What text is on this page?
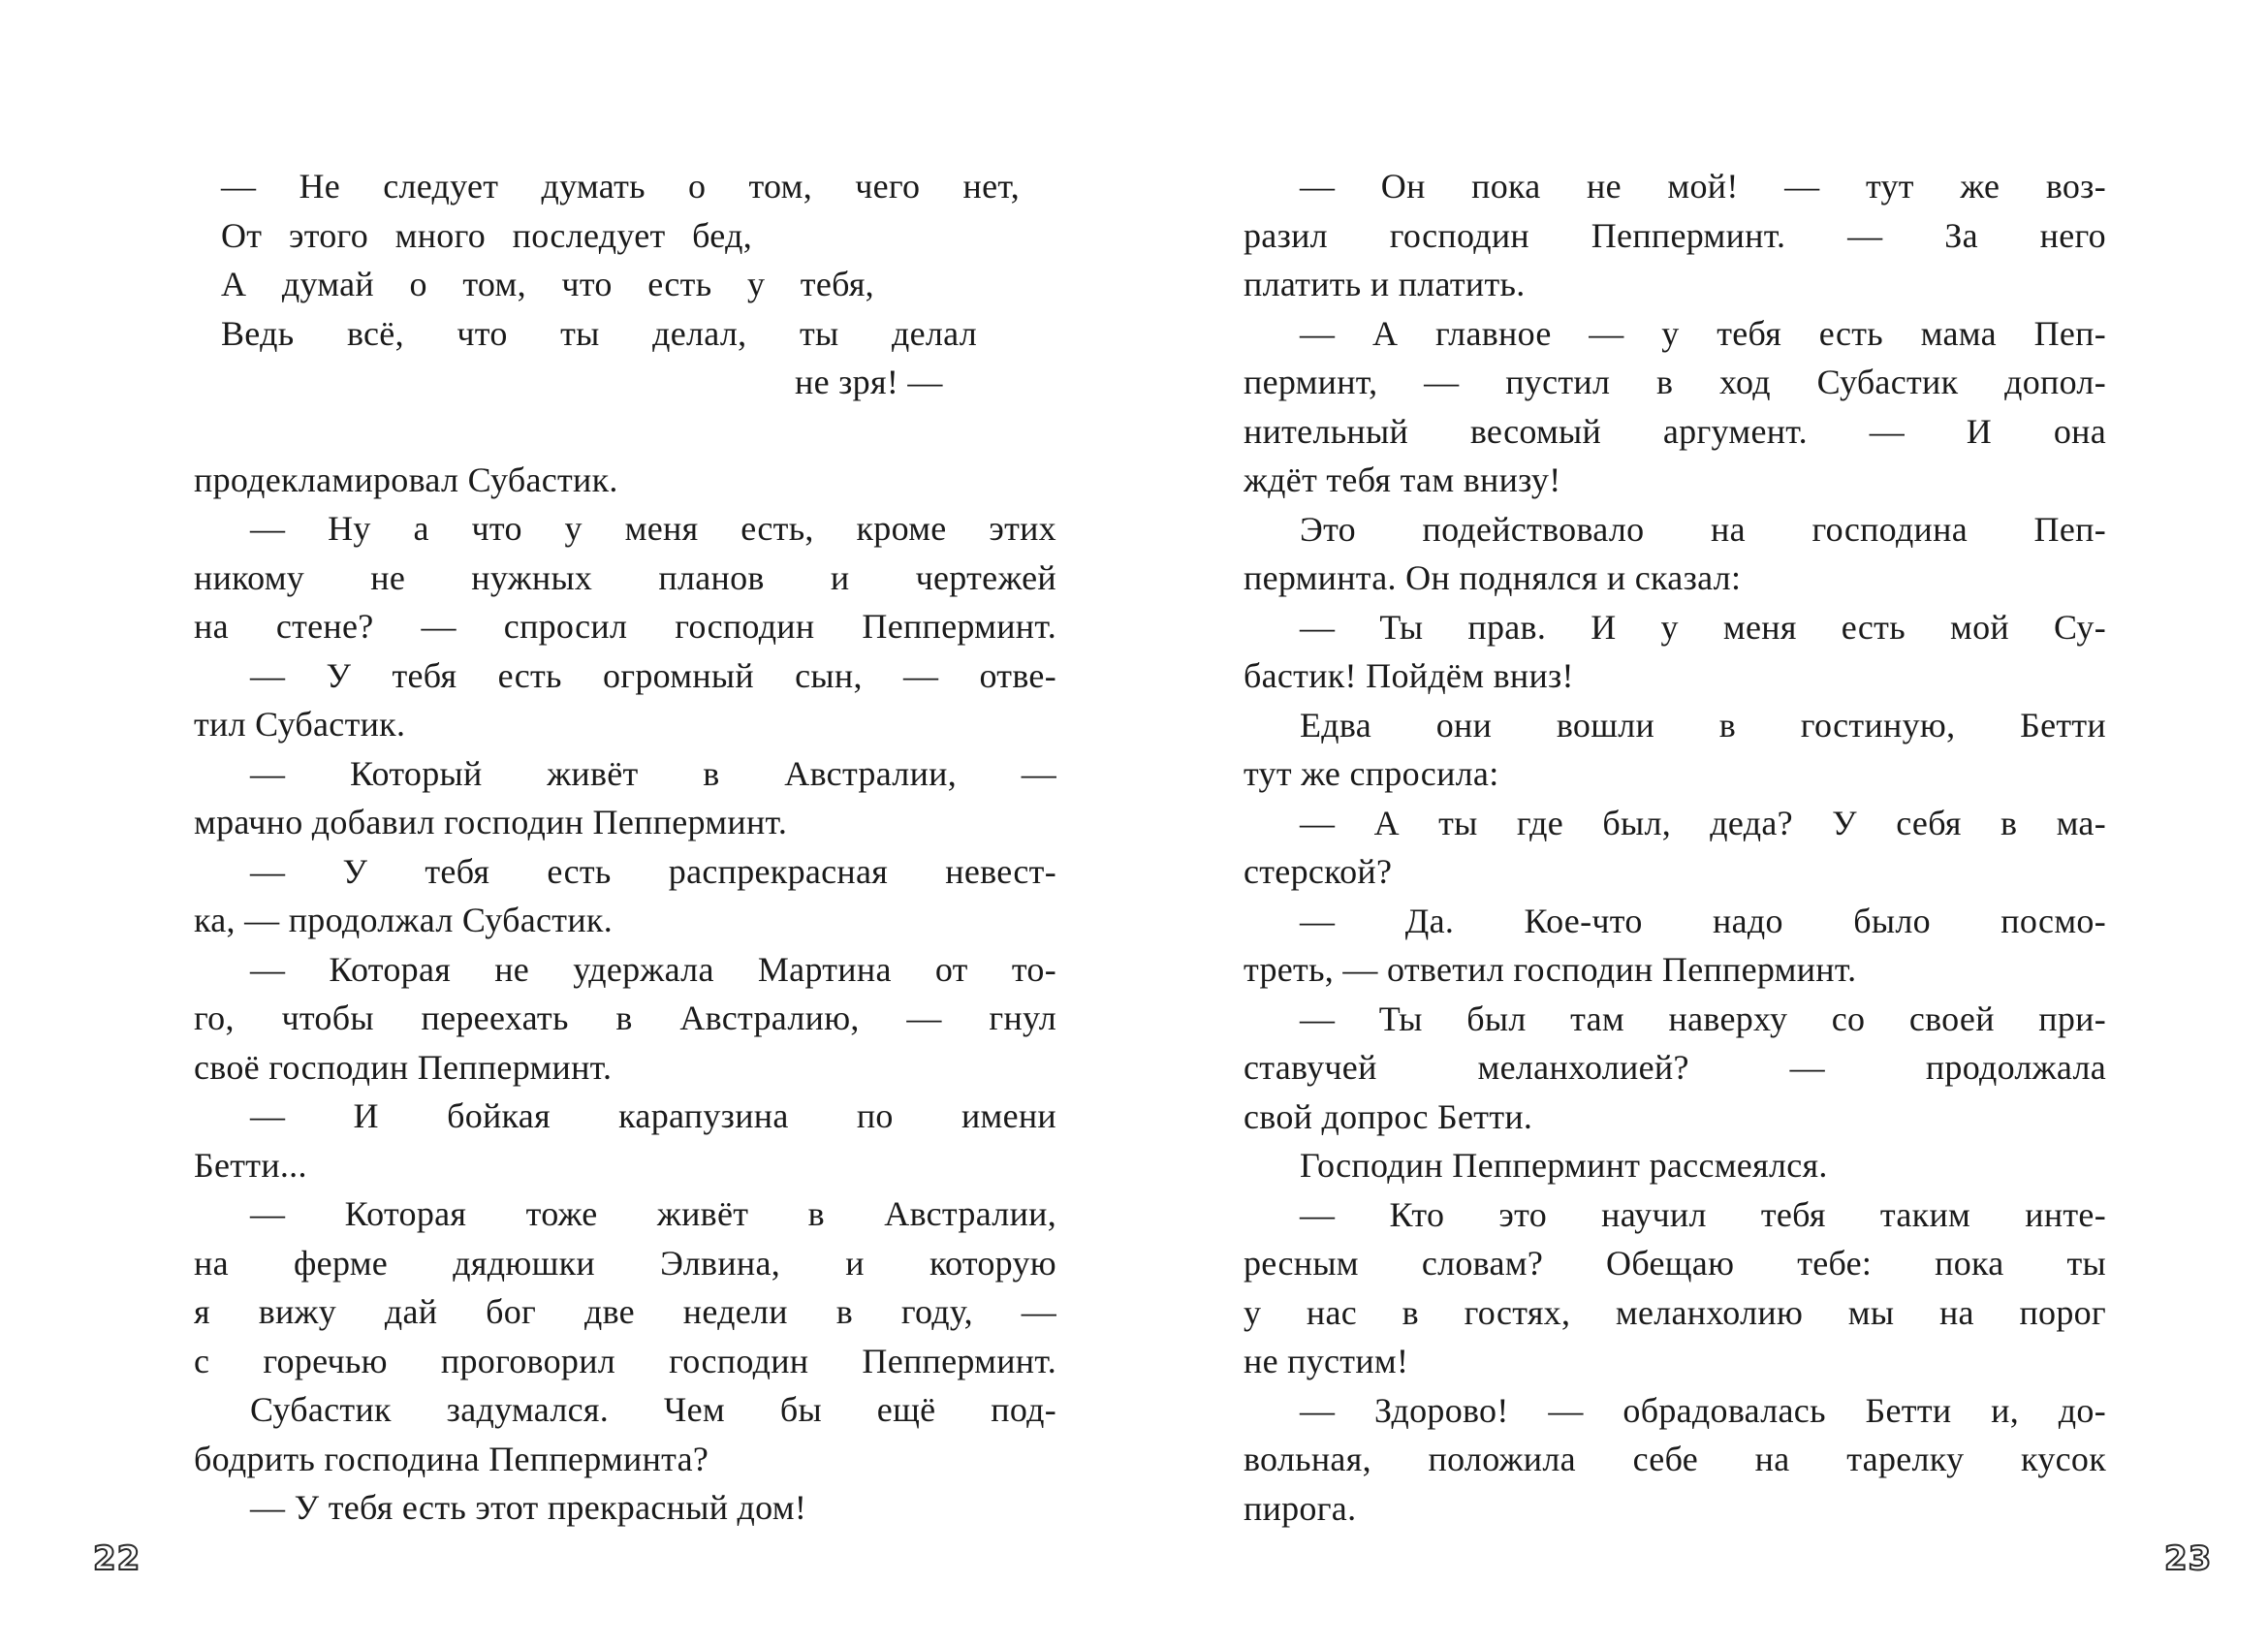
— Не следует думать о том, чего нет,
От этого много последует бед,
А думай о том, что есть у тебя,
Ведь всё, что ты делал, ты делал
не зря! —
продекламировал Субастик.
— Ну а что у меня есть, кроме этих
никому не нужных планов и чертежей
на стене? — спросил господин Пепперминт.
— У тебя есть огромный сын, — отве-
тил Субастик.
— Который живёт в Австралии, —
мрачно добавил господин Пепперминт.
— У тебя есть распрекрасная невест-
ка, — продолжал Субастик.
— Которая не удержала Мартина от то-
го, чтобы переехать в Австралию, — гнул
своё господин Пепперминт.
— И бойкая карапузина по имени
Бетти...
— Которая тоже живёт в Австралии,
на ферме дядюшки Элвина, и которую
я вижу дай бог две недели в году, —
с горечью проговорил господин Пепперминт.
Субастик задумался. Чем бы ещё под-
бодрить господина Пепперминта?
— У тебя есть этот прекрасный дом!
22
— Он пока не мой! — тут же воз-
разил господин Пепперминт. — За него
платить и платить.
— А главное — у тебя есть мама Пеп-
перминт, — пустил в ход Субастик допол-
нительный весомый аргумент. — И она
ждёт тебя там внизу!
Это подействовало на господина Пеп-
перминта. Он поднялся и сказал:
— Ты прав. И у меня есть мой Су-
бастик! Пойдём вниз!
Едва они вошли в гостиную, Бетти
тут же спросила:
— А ты где был, деда? У себя в ма-
стерской?
— Да. Кое-что надо было посмо-
треть, — ответил господин Пепперминт.
— Ты был там наверху со своей при-
ставучей меланхолией? — продолжала
свой допрос Бетти.
Господин Пепперминт рассмеялся.
— Кто это научил тебя таким инте-
ресным словам? Обещаю тебе: пока ты
у нас в гостях, меланхолию мы на порог
не пустим!
— Здорово! — обрадовалась Бетти и, до-
вольная, положила себе на тарелку кусок
пирога.
23
